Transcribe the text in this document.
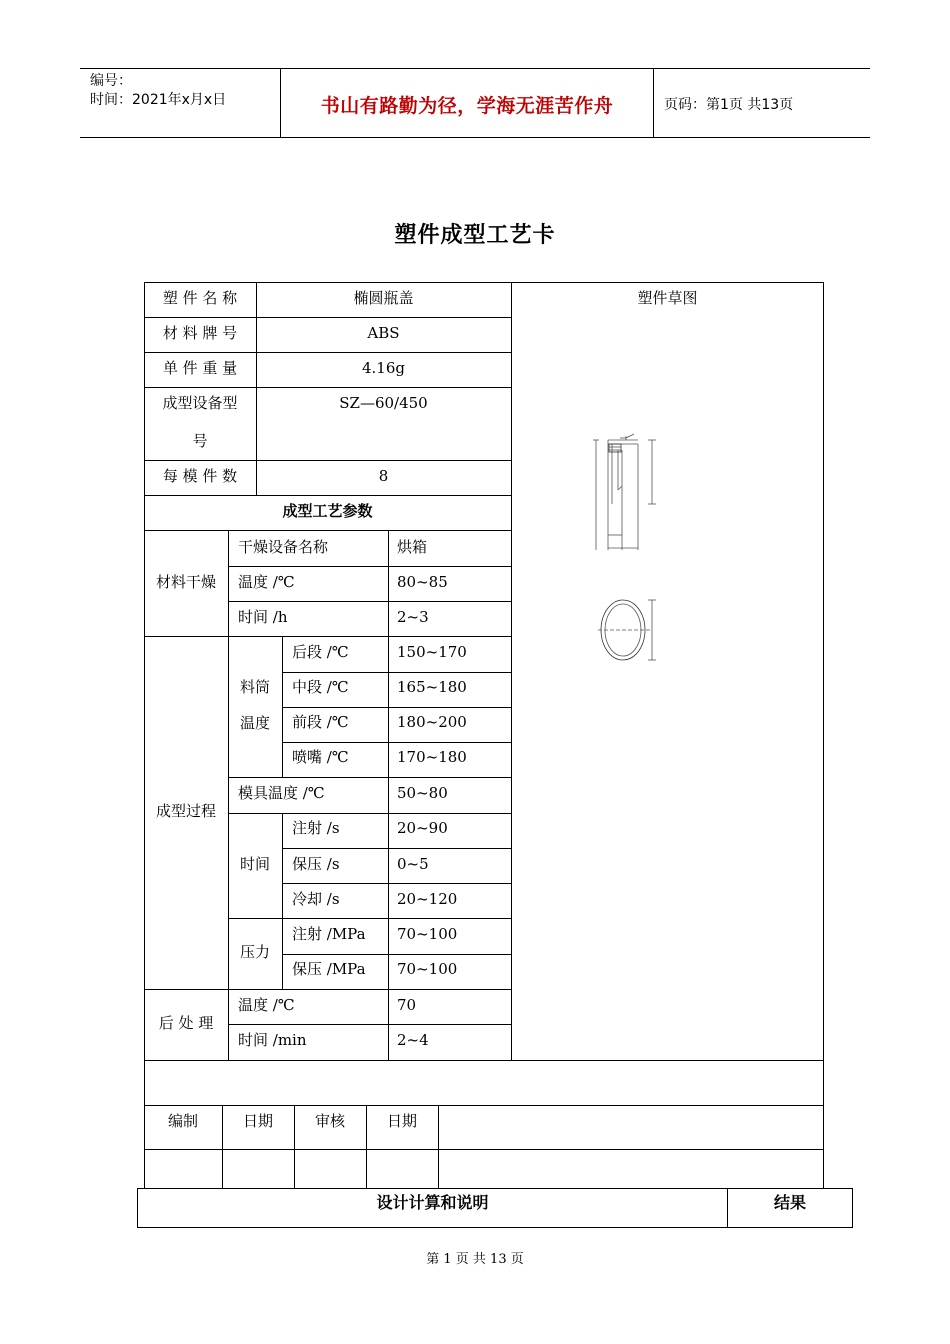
编号：
时间：2021年x月x日	书山有路勤为径，学海无涯苦作舟	页码：第1页 共13页
塑件成型工艺卡
塑 件 名 称	椭圆瓶盖
材 料 牌 号	ABS
单 件 重 量	4.16g
成型设备型
号
SZ—60/450
每 模 件 数	8
塑件草图
成型工艺参数
材料干燥
干燥设备名称	烘箱
温度 /℃	80~85
时间 /h	2~3
成型过程
料筒
温度
后段 /℃	150~170
中段 /℃	165~180
前段 /℃	180~200
喷嘴 /℃	170~180
模具温度 /℃	50~80
时间
注射 /s	20~90
保压 /s	0~5
冷却 /s	20~120
压力
注射 /MPa 70~100
保压 /MPa 70~100
后 处 理
温度 /℃	70
时间 /min	2~4
编制	日期	审核	日期
设计计算和说明	结果
第 1 页 共 13 页
